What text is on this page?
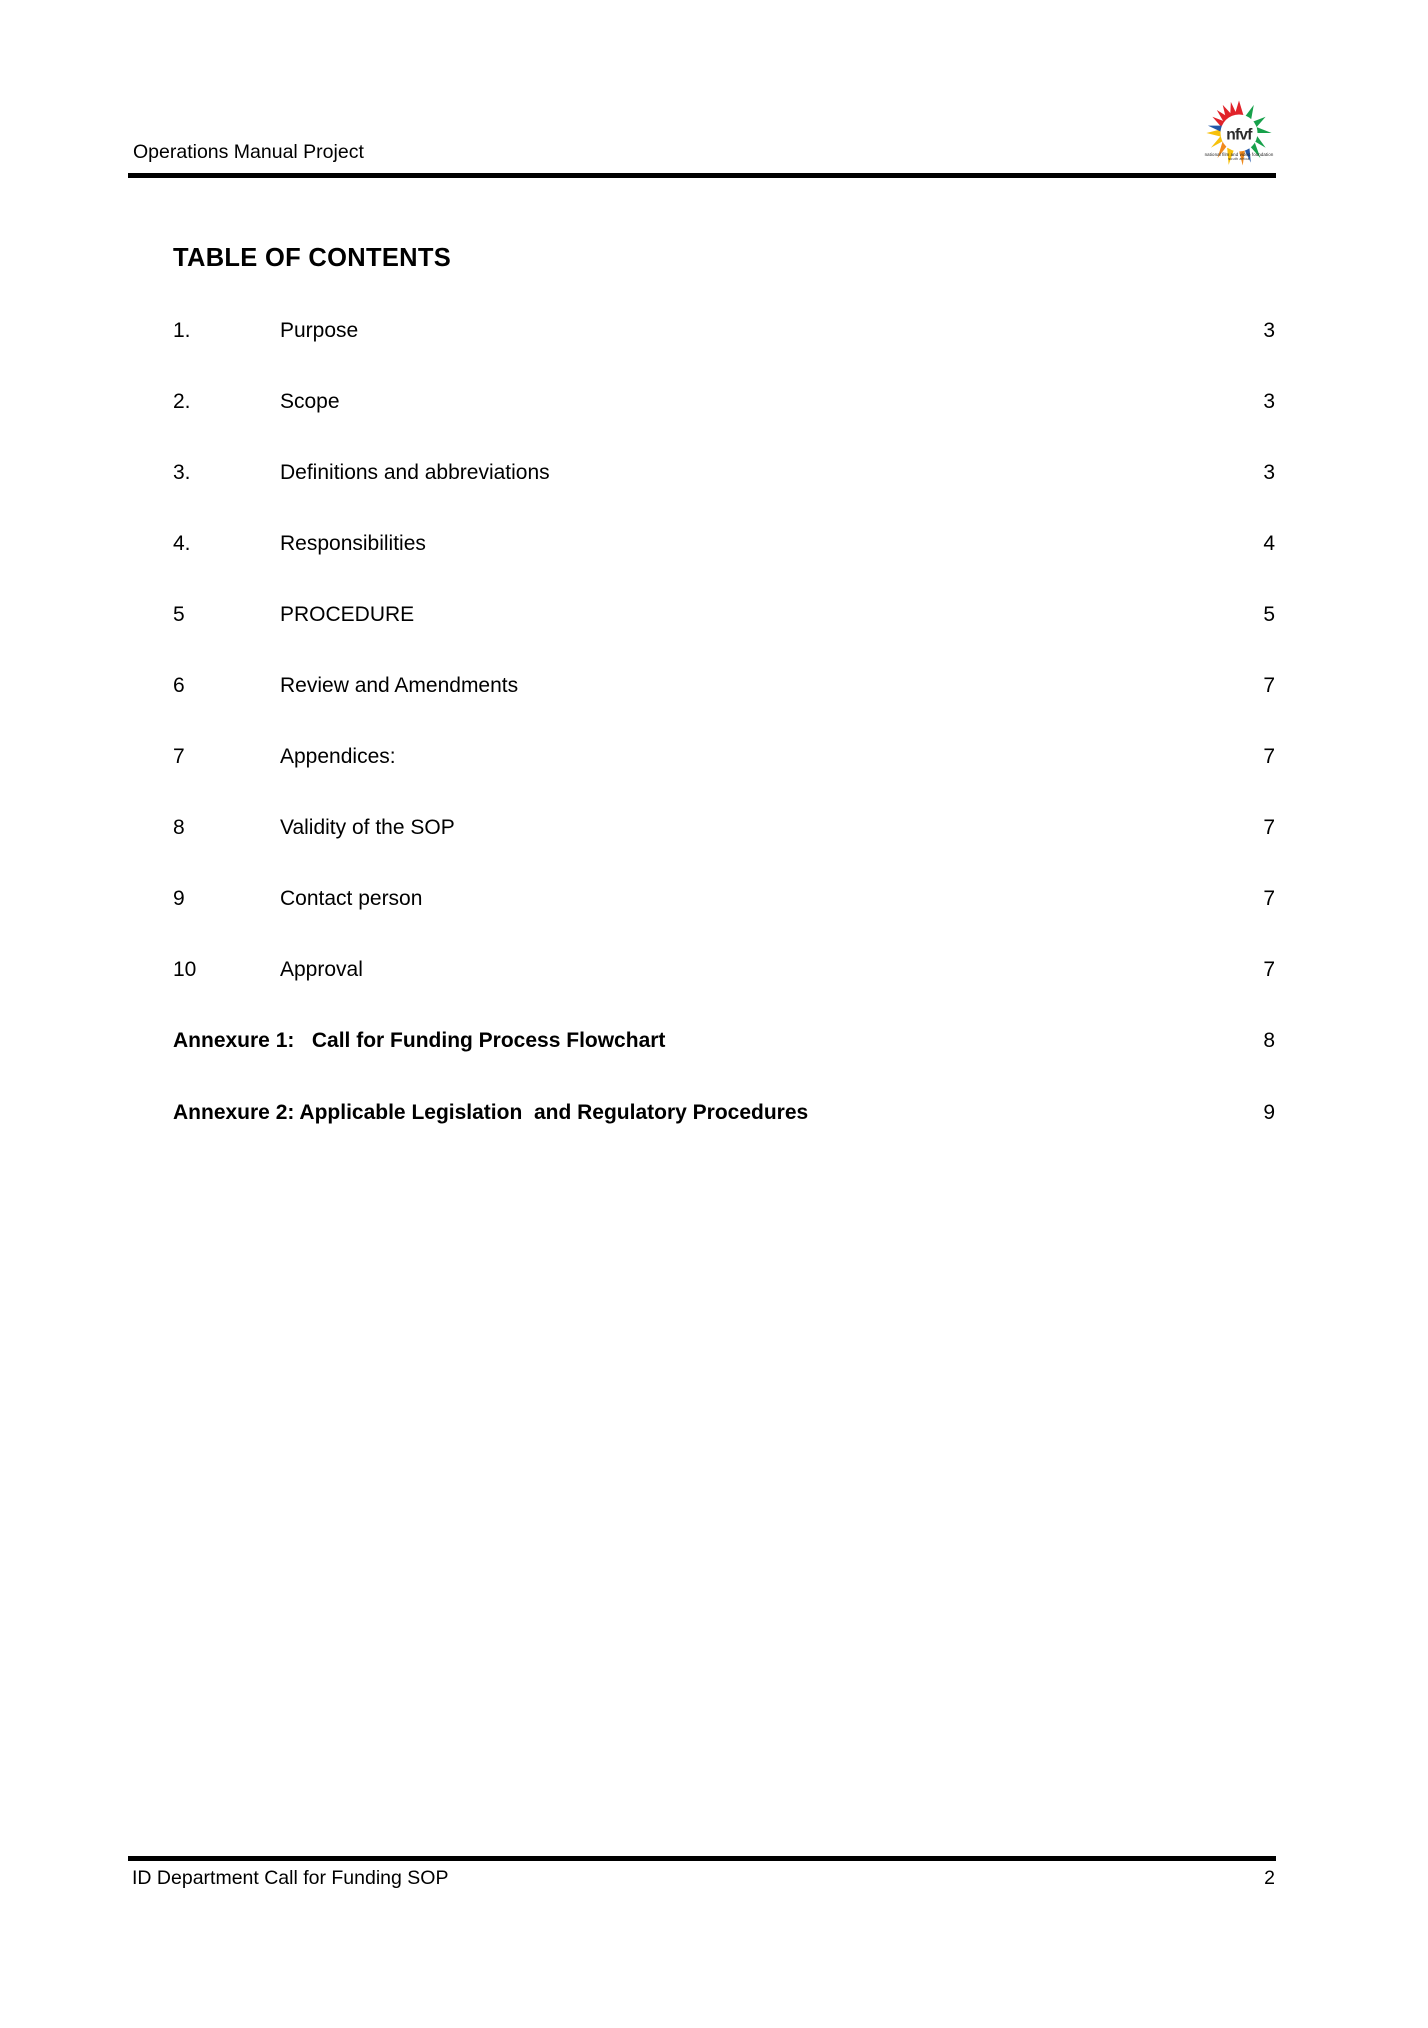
nfvf
national film and video foundation
south africa
Operations Manual Project
TABLE OF CONTENTS
1.	Purpose	3
2.	Scope	3
3.	Definitions and abbreviations	3
4.	Responsibilities	4
5	PROCEDURE	5
6	Review and Amendments	7
7	Appendices:	7
8	Validity of the SOP	7
9	Contact person	7
10	Approval	7
Annexure 1:   Call for Funding Process Flowchart	8
Annexure 2: Applicable Legislation  and Regulatory Procedures	9
ID Department Call for Funding SOP	2
